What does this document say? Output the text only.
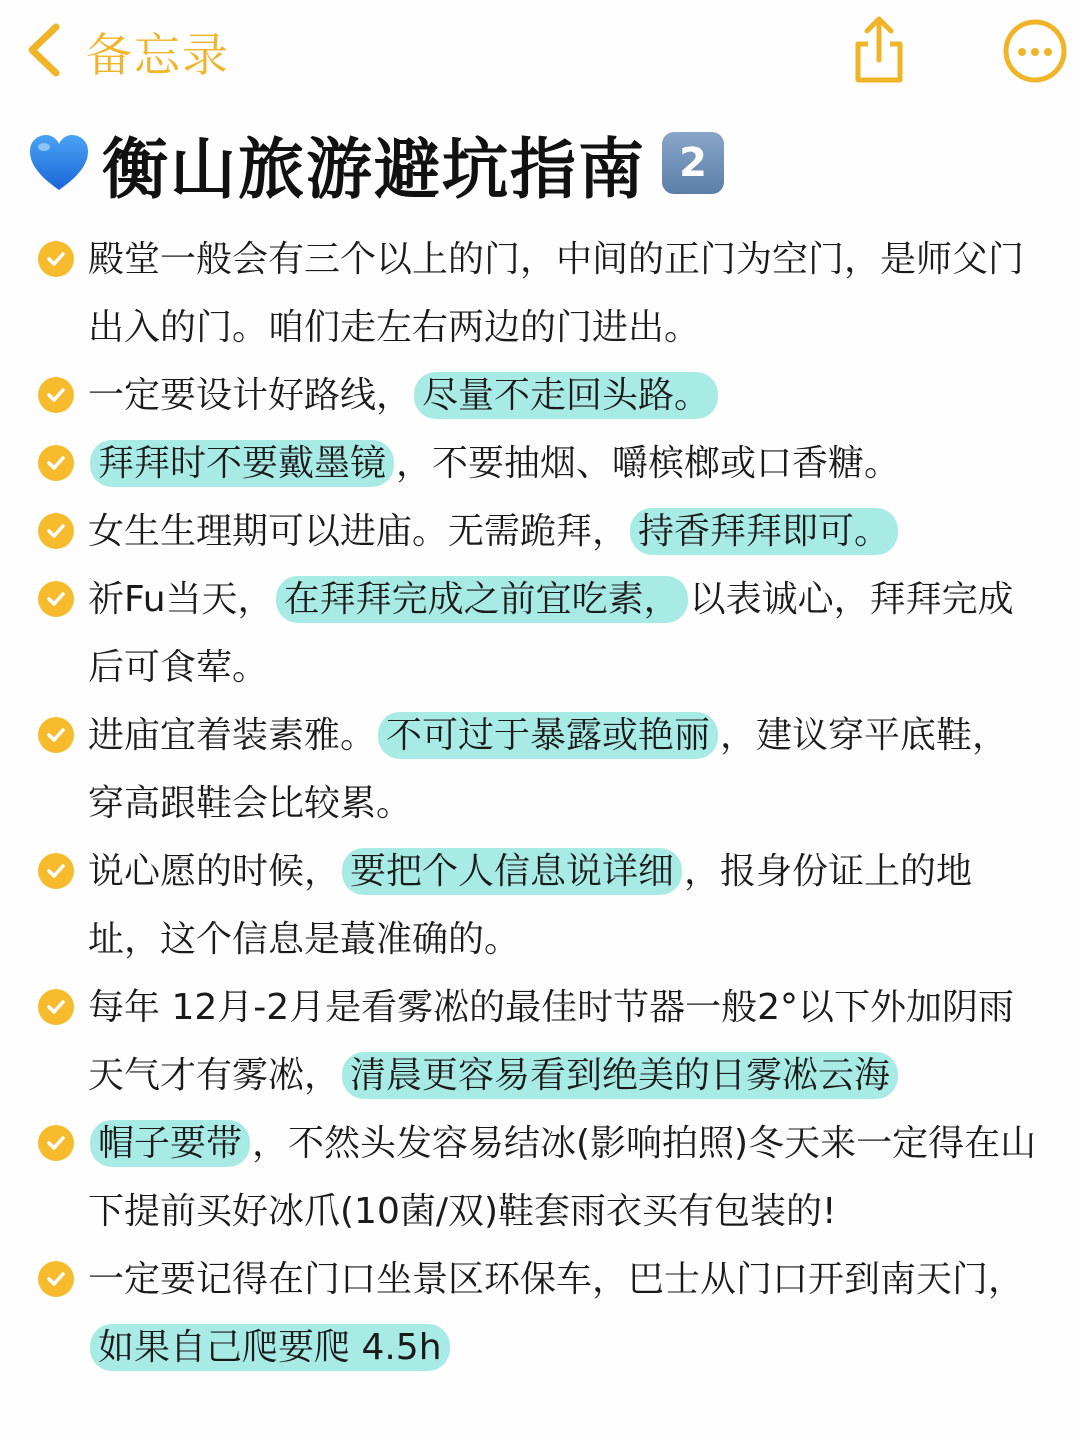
备忘录
衡山旅游避坑指南 2
殿堂一般会有三个以上的门，中间的正门为空门，是师父门出入的门。咱们走左右两边的门进出。
一定要设计好路线， 尽量不走回头路。
拜拜时不要戴墨镜 ，不要抽烟、嚼槟榔或口香糖。
女生生理期可以进庙。无需跪拜， 持香拜拜即可。
祈Fu当天， 在拜拜完成之前宜吃素， 以表诚心，拜拜完成后可食荤。
进庙宜着装素雅。 不可过于暴露或艳丽 ，建议穿平底鞋，穿高跟鞋会比较累。
说心愿的时候， 要把个人信息说详细 ，报身份证上的地址，这个信息是蕞准确的。
每年 12月-2月是看雾凇的最佳时节器一般2°以下外加阴雨天气才有雾凇， 清晨更容易看到绝美的日雾凇云海
帽子要带 ，不然头发容易结冰(影响拍照)冬天来一定得在山下提前买好冰爪(10菌/双)鞋套雨衣买有包装的!
一定要记得在门口坐景区环保车，巴士从门口开到南天门，如果自己爬要爬 4.5h
